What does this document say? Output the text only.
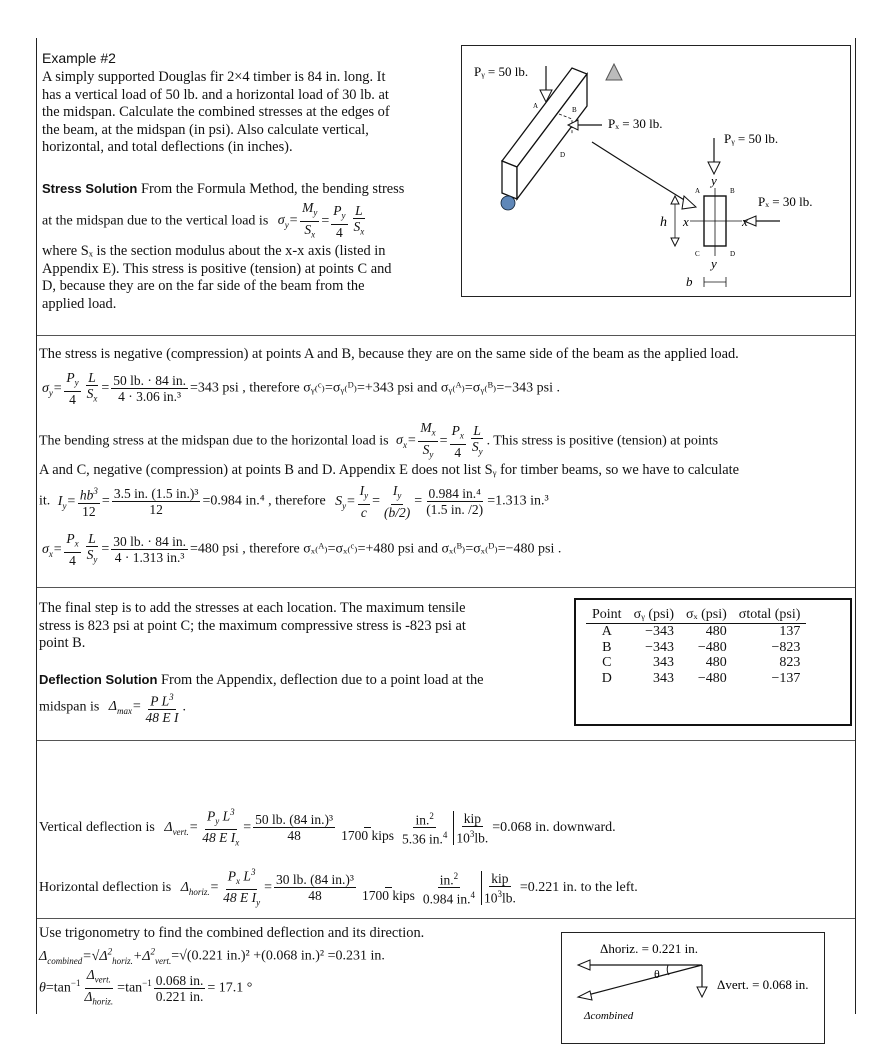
Example #2
A simply supported Douglas fir 2×4 timber is 84 in. long. It
has a vertical load of 50 lb. and a horizontal load of 30 lb. at
the midspan. Calculate the combined stresses at the edges of
the beam, at the midspan (in psi). Also calculate vertical,
horizontal, and total deflections (in inches).
Stress Solution From the Formula Method, the bending stress
at the midspan due to the vertical load is $\sigma_y= \frac{M_y}{S_x} = \frac{P_y}{4} \frac{L}{S_x}$
where Sₓ is the section modulus about the x-x axis (listed in
Appendix E). This stress is positive (tension) at points C and
D, because they are on the far side of the beam from the
applied load.
Pᵧ = 50 lb.
Pₓ = 30 lb.
Pᵧ = 50 lb.
Pₓ = 30 lb.
A	B
D
A	B
C	D
h
b
x	x
y
y
The stress is negative (compression) at points A and B, because they are on the same side of the beam as the applied load.
$\sigma_y= \frac{P_y}{4} \frac{L}{S_x} = \frac{50 lb. \cdot 84 in.}{\text{4 · 3.06 in.³}} =343$ psi , therefore σᵧ₍ᶜ₎=σᵧ₍ᴰ₎=+343 psi and σᵧ₍ᴬ₎=σᵧ₍ᴮ₎=−343 psi .
The bending stress at the midspan due to the horizontal load is $\sigma_x= \frac{M_x}{S_y} = \frac{P_x}{4} \frac{L}{S_y}$ . This stress is positive (tension) at points
A and C, negative (compression) at points B and D. Appendix E does not list Sᵧ for timber beams, so we have to calculate
it. $I_y= \frac{hb^3}{12} = \frac{\text{3.5 in. (1.5 in.)³}}{12} =0.984$ in.⁴ , therefore $S_y= \frac{I_y}{c} = \frac{I_y}{(b/2)} = \frac{\text{0.984 in.⁴}}{(1.5 in. /2)} =1.313$ in.³
$\sigma_x= \frac{P_x}{4} \frac{L}{S_y} = \frac{30 lb. \cdot 84 in.}{\text{4 · 1.313 in.³}} =480$ psi , therefore σₓ₍ᴬ₎=σₓ₍ᶜ₎=+480 psi and σₓ₍ᴮ₎=σₓ₍ᴰ₎=−480 psi .
The final step is to add the stresses at each location. The maximum tensile
stress is 823 psi at point C; the maximum compressive stress is -823 psi at
point B.
Deflection Solution From the Appendix, deflection due to a point load at the
midspan is $\Delta_{max}= \frac{P L^3}{\text{48 E I}}$ .
Point	σᵧ (psi)	σₓ (psi)	σtotal (psi)
A	−343	480	137
B	−343	−480	−823
C	343	480	823
D	343	−480	−137
Vertical deflection is $\Delta_{vert.}= \frac{P_y L^3}{48 E I_x} = \frac{\text{50 lb. (84 in.)³}}{48}$
1700 kips $\frac{in.^2}{5.36 in.^4} \frac{\text{kip}}{10^3lb.} =0.068$ in. downward.
Horizontal deflection is $\Delta_{horiz.}= \frac{P_x L^3}{48 E I_y} = \frac{\text{30 lb. (84 in.)³}}{48}$
1700 kips $\frac{in.^2}{0.984 in.^4} \frac{\text{kip}}{10^3lb.} =0.221$ in. to the left.
Use trigonometry to find the combined deflection and its direction.
$\Delta_{combined}=√\Delta^2_{horiz.}+\Delta^2_{vert.}=√(0.221$ in.)² +(0.068 in.)² =0.231 in.
$\theta=\tan^{-1} \frac{\Delta_{vert.}}{\Delta_{horiz.}} =\tan^{-1} \frac{0.068 in.}{0.221 in.} = 17.1$ °
Δhoriz. = 0.221 in.
Δvert. = 0.068 in.
Δcombined
θ
